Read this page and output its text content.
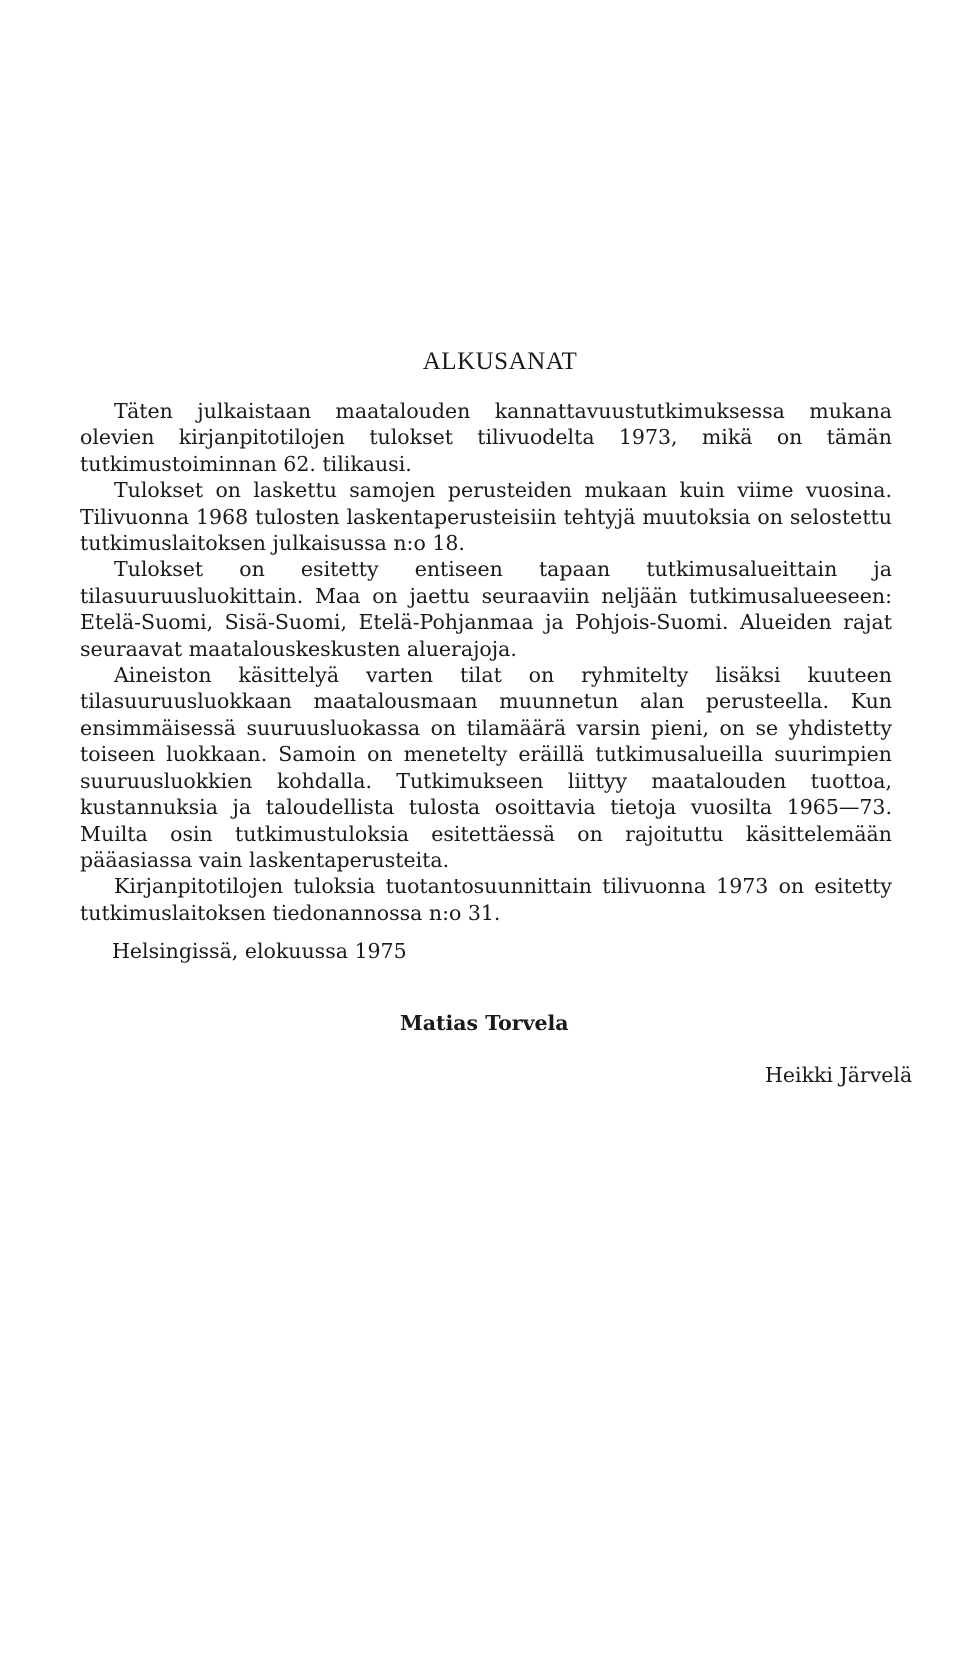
ALKUSANAT

Täten julkaistaan maatalouden kannattavuustutkimuksessa mukana olevien kirjanpitotilojen tulokset tilivuodelta 1973, mikä on tämän tutkimustoiminnan 62. tilikausi.

Tulokset on laskettu samojen perusteiden mukaan kuin viime vuosina. Tilivuonna 1968 tulosten laskentaperusteisiin tehtyjä muutoksia on selostettu tutkimuslaitoksen julkaisussa n:o 18.

Tulokset on esitetty entiseen tapaan tutkimusalueittain ja tilasuuruusluokittain. Maa on jaettu seuraaviin neljään tutkimusalueeseen: Etelä-Suomi, Sisä-Suomi, Etelä-Pohjanmaa ja Pohjois-Suomi. Alueiden rajat seuraavat maatalouskeskusten aluerajoja.

Aineiston käsittelyä varten tilat on ryhmitelty lisäksi kuuteen tilasuuruusluokkaan maatalousmaan muunnetun alan perusteella. Kun ensimmäisessä suuruusluokassa on tilamäärä varsin pieni, on se yhdistetty toiseen luokkaan. Samoin on menetelty eräillä tutkimusalueilla suurimpien suuruusluokkien kohdalla. Tutkimukseen liittyy maatalouden tuottoa, kustannuksia ja taloudellista tulosta osoittavia tietoja vuosilta 1965—73. Muilta osin tutkimustuloksia esitettäessä on rajoituttu käsittelemään pääasiassa vain laskentaperusteita.

Kirjanpitotilojen tuloksia tuotantosuunnittain tilivuonna 1973 on esitetty tutkimuslaitoksen tiedonannossa n:o 31.

Helsingissä, elokuussa 1975

Matias Torvela

Heikki Järvelä
